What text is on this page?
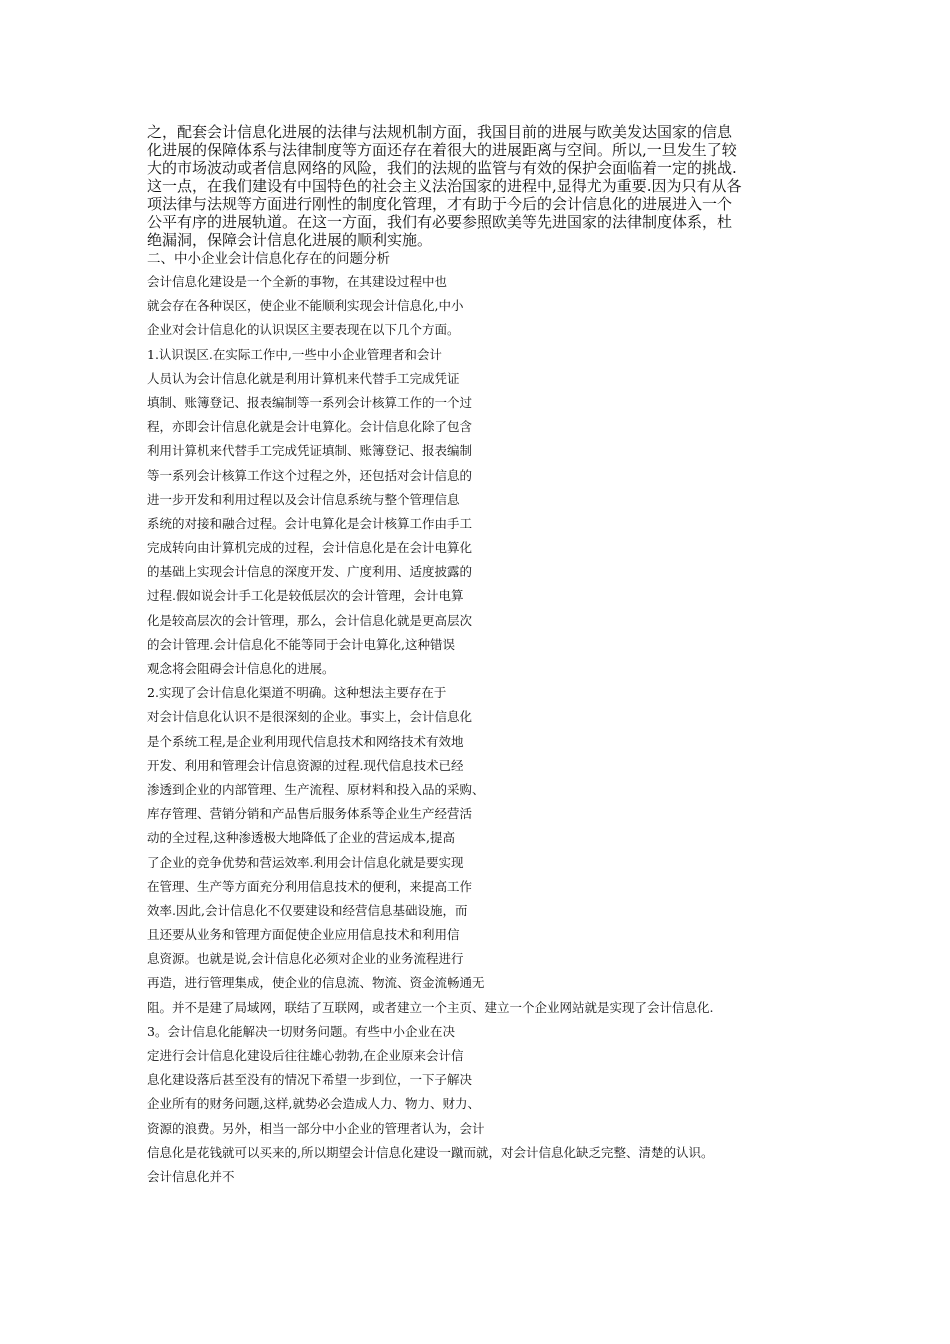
之，配套会计信息化进展的法律与法规机制方面，我国目前的进展与欧美发达国家的信息
化进展的保障体系与法律制度等方面还存在着很大的进展距离与空间。所以,一旦发生了较
大的市场波动或者信息网络的风险，我们的法规的监管与有效的保护会面临着一定的挑战.
这一点，在我们建设有中国特色的社会主义法治国家的进程中,显得尤为重要.因为只有从各
项法律与法规等方面进行刚性的制度化管理，才有助于今后的会计信息化的进展进入一个
公平有序的进展轨道。在这一方面，我们有必要参照欧美等先进国家的法律制度体系，杜
绝漏洞，保障会计信息化进展的顺利实施。

二、中小企业会计信息化存在的问题分析

会计信息化建设是一个全新的事物，在其建设过程中也
就会存在各种误区，使企业不能顺利实现会计信息化,中小
企业对会计信息化的认识误区主要表现在以下几个方面。
1.认识误区.在实际工作中,一些中小企业管理者和会计
人员认为会计信息化就是利用计算机来代替手工完成凭证
填制、账簿登记、报表编制等一系列会计核算工作的一个过
程，亦即会计信息化就是会计电算化。会计信息化除了包含
利用计算机来代替手工完成凭证填制、账簿登记、报表编制
等一系列会计核算工作这个过程之外，还包括对会计信息的
进一步开发和利用过程以及会计信息系统与整个管理信息
系统的对接和融合过程。会计电算化是会计核算工作由手工
完成转向由计算机完成的过程，会计信息化是在会计电算化
的基础上实现会计信息的深度开发、广度利用、适度披露的
过程.假如说会计手工化是较低层次的会计管理，会计电算
化是较高层次的会计管理，那么，会计信息化就是更高层次
的会计管理.会计信息化不能等同于会计电算化,这种错误
观念将会阻碍会计信息化的进展。
2.实现了会计信息化渠道不明确。这种想法主要存在于
对会计信息化认识不是很深刻的企业。事实上，会计信息化
是个系统工程,是企业利用现代信息技术和网络技术有效地
开发、利用和管理会计信息资源的过程.现代信息技术已经
渗透到企业的内部管理、生产流程、原材料和投入品的采购、
库存管理、营销分销和产品售后服务体系等企业生产经营活
动的全过程,这种渗透极大地降低了企业的营运成本,提高
了企业的竞争优势和营运效率.利用会计信息化就是要实现
在管理、生产等方面充分利用信息技术的便利，来提高工作
效率.因此,会计信息化不仅要建设和经营信息基础设施，而
且还要从业务和管理方面促使企业应用信息技术和利用信
息资源。也就是说,会计信息化必须对企业的业务流程进行
再造，进行管理集成，使企业的信息流、物流、资金流畅通无
阻。并不是建了局域网，联结了互联网，或者建立一个主页、建立一个企业网站就是实现了会计信息化.
3。会计信息化能解决一切财务问题。有些中小企业在决
定进行会计信息化建设后往往雄心勃勃,在企业原来会计信
息化建设落后甚至没有的情况下希望一步到位，一下子解决
企业所有的财务问题,这样,就势必会造成人力、物力、财力、
资源的浪费。另外，相当一部分中小企业的管理者认为，会计
信息化是花钱就可以买来的,所以期望会计信息化建设一蹴而就，对会计信息化缺乏完整、清楚的认识。
会计信息化并不
